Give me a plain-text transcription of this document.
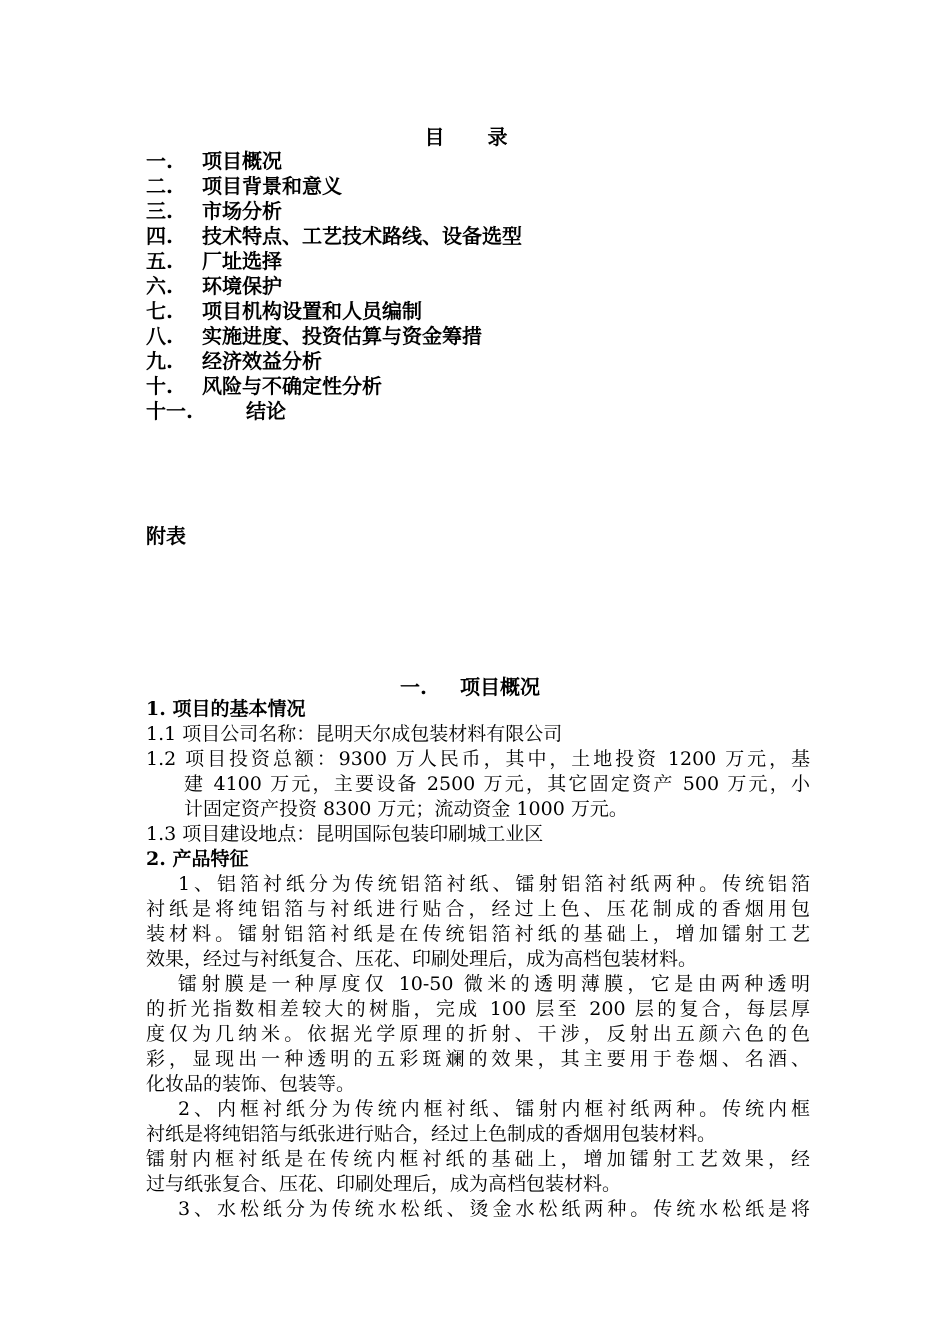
目 录
一. 项目概况
二. 项目背景和意义
三. 市场分析
四. 技术特点、工艺技术路线、设备选型
五. 厂址选择
六. 环境保护
七. 项目机构设置和人员编制
八. 实施进度、投资估算与资金筹措
九. 经济效益分析
十. 风险与不确定性分析
十一.	结论
附表
一. 项目概况
1. 项目的基本情况
1.1 项目公司名称：昆明天尔成包装材料有限公司
1.2 项目投资总额：9300 万人民币，其中，土地投资 1200 万元，基
建 4100 万元，主要设备 2500 万元，其它固定资产 500 万元，小
计固定资产投资 8300 万元；流动资金 1000 万元。
1.3 项目建设地点：昆明国际包装印刷城工业区
2. 产品特征
1、铝箔衬纸分为传统铝箔衬纸、镭射铝箔衬纸两种。传统铝箔
衬纸是将纯铝箔与衬纸进行贴合，经过上色、压花制成的香烟用包
装材料。镭射铝箔衬纸是在传统铝箔衬纸的基础上，增加镭射工艺
效果，经过与衬纸复合、压花、印刷处理后，成为高档包装材料。
镭射膜是一种厚度仅 10-50 微米的透明薄膜，它是由两种透明
的折光指数相差较大的树脂，完成 100 层至 200 层的复合，每层厚
度仅为几纳米。依据光学原理的折射、干涉，反射出五颜六色的色
彩，显现出一种透明的五彩斑斓的效果，其主要用于卷烟、名酒、
化妆品的装饰、包装等。
2、内框衬纸分为传统内框衬纸、镭射内框衬纸两种。传统内框
衬纸是将纯铝箔与纸张进行贴合，经过上色制成的香烟用包装材料。
镭射内框衬纸是在传统内框衬纸的基础上，增加镭射工艺效果，经
过与纸张复合、压花、印刷处理后，成为高档包装材料。
3、水松纸分为传统水松纸、烫金水松纸两种。传统水松纸是将
